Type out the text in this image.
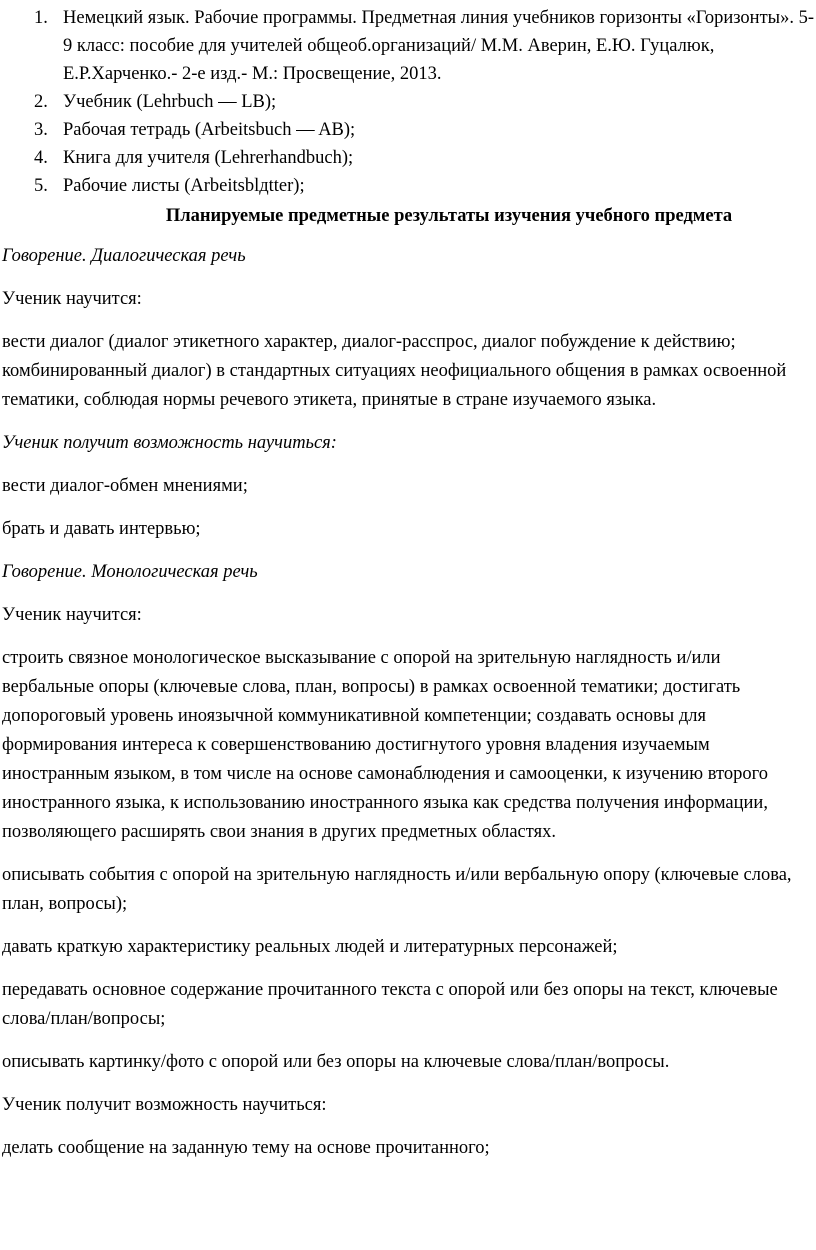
1. Немецкий язык. Рабочие программы. Предметная линия учебников горизонты «Горизонты». 5-9 класс: пособие для учителей общеоб.организаций/ М.М. Аверин, Е.Ю. Гуцалюк, Е.Р.Харченко.- 2-е изд.- М.: Просвещение, 2013.
2. Учебник (Lehrbuch — LB);
3. Рабочая тетрадь (Arbeitsbuch — AB);
4. Книга для учителя (Lehrerhandbuch);
5. Рабочие листы (Arbeitsblдtter);

Планируемые предметные результаты изучения учебного предмета

Говорение. Диалогическая речь

Ученик научится:

вести диалог (диалог этикетного характер, диалог-расспрос, диалог побуждение к действию; комбинированный диалог) в стандартных ситуациях неофициального общения в рамках освоенной тематики, соблюдая нормы речевого этикета, принятые в стране изучаемого языка.

Ученик получит возможность научиться:

вести диалог-обмен мнениями;

брать и давать интервью;

Говорение. Монологическая речь

Ученик научится:

строить связное монологическое высказывание с опорой на зрительную наглядность и/или вербальные опоры (ключевые слова, план, вопросы) в рамках освоенной тематики; достигать допороговый уровень иноязычной коммуникативной компетенции; создавать основы для формирования интереса к совершенствованию достигнутого уровня владения изучаемым иностранным языком, в том числе на основе самонаблюдения и самооценки, к изучению второго иностранного языка, к использованию иностранного языка как средства получения информации, позволяющего расширять свои знания в других предметных областях.

описывать события с опорой на зрительную наглядность и/или вербальную опору (ключевые слова, план, вопросы);

давать краткую характеристику реальных людей и литературных персонажей;

передавать основное содержание прочитанного текста с опорой или без опоры на текст, ключевые слова/план/вопросы;

описывать картинку/фото с опорой или без опоры на ключевые слова/план/вопросы.

Ученик получит возможность научиться:

делать сообщение на заданную тему на основе прочитанного;
